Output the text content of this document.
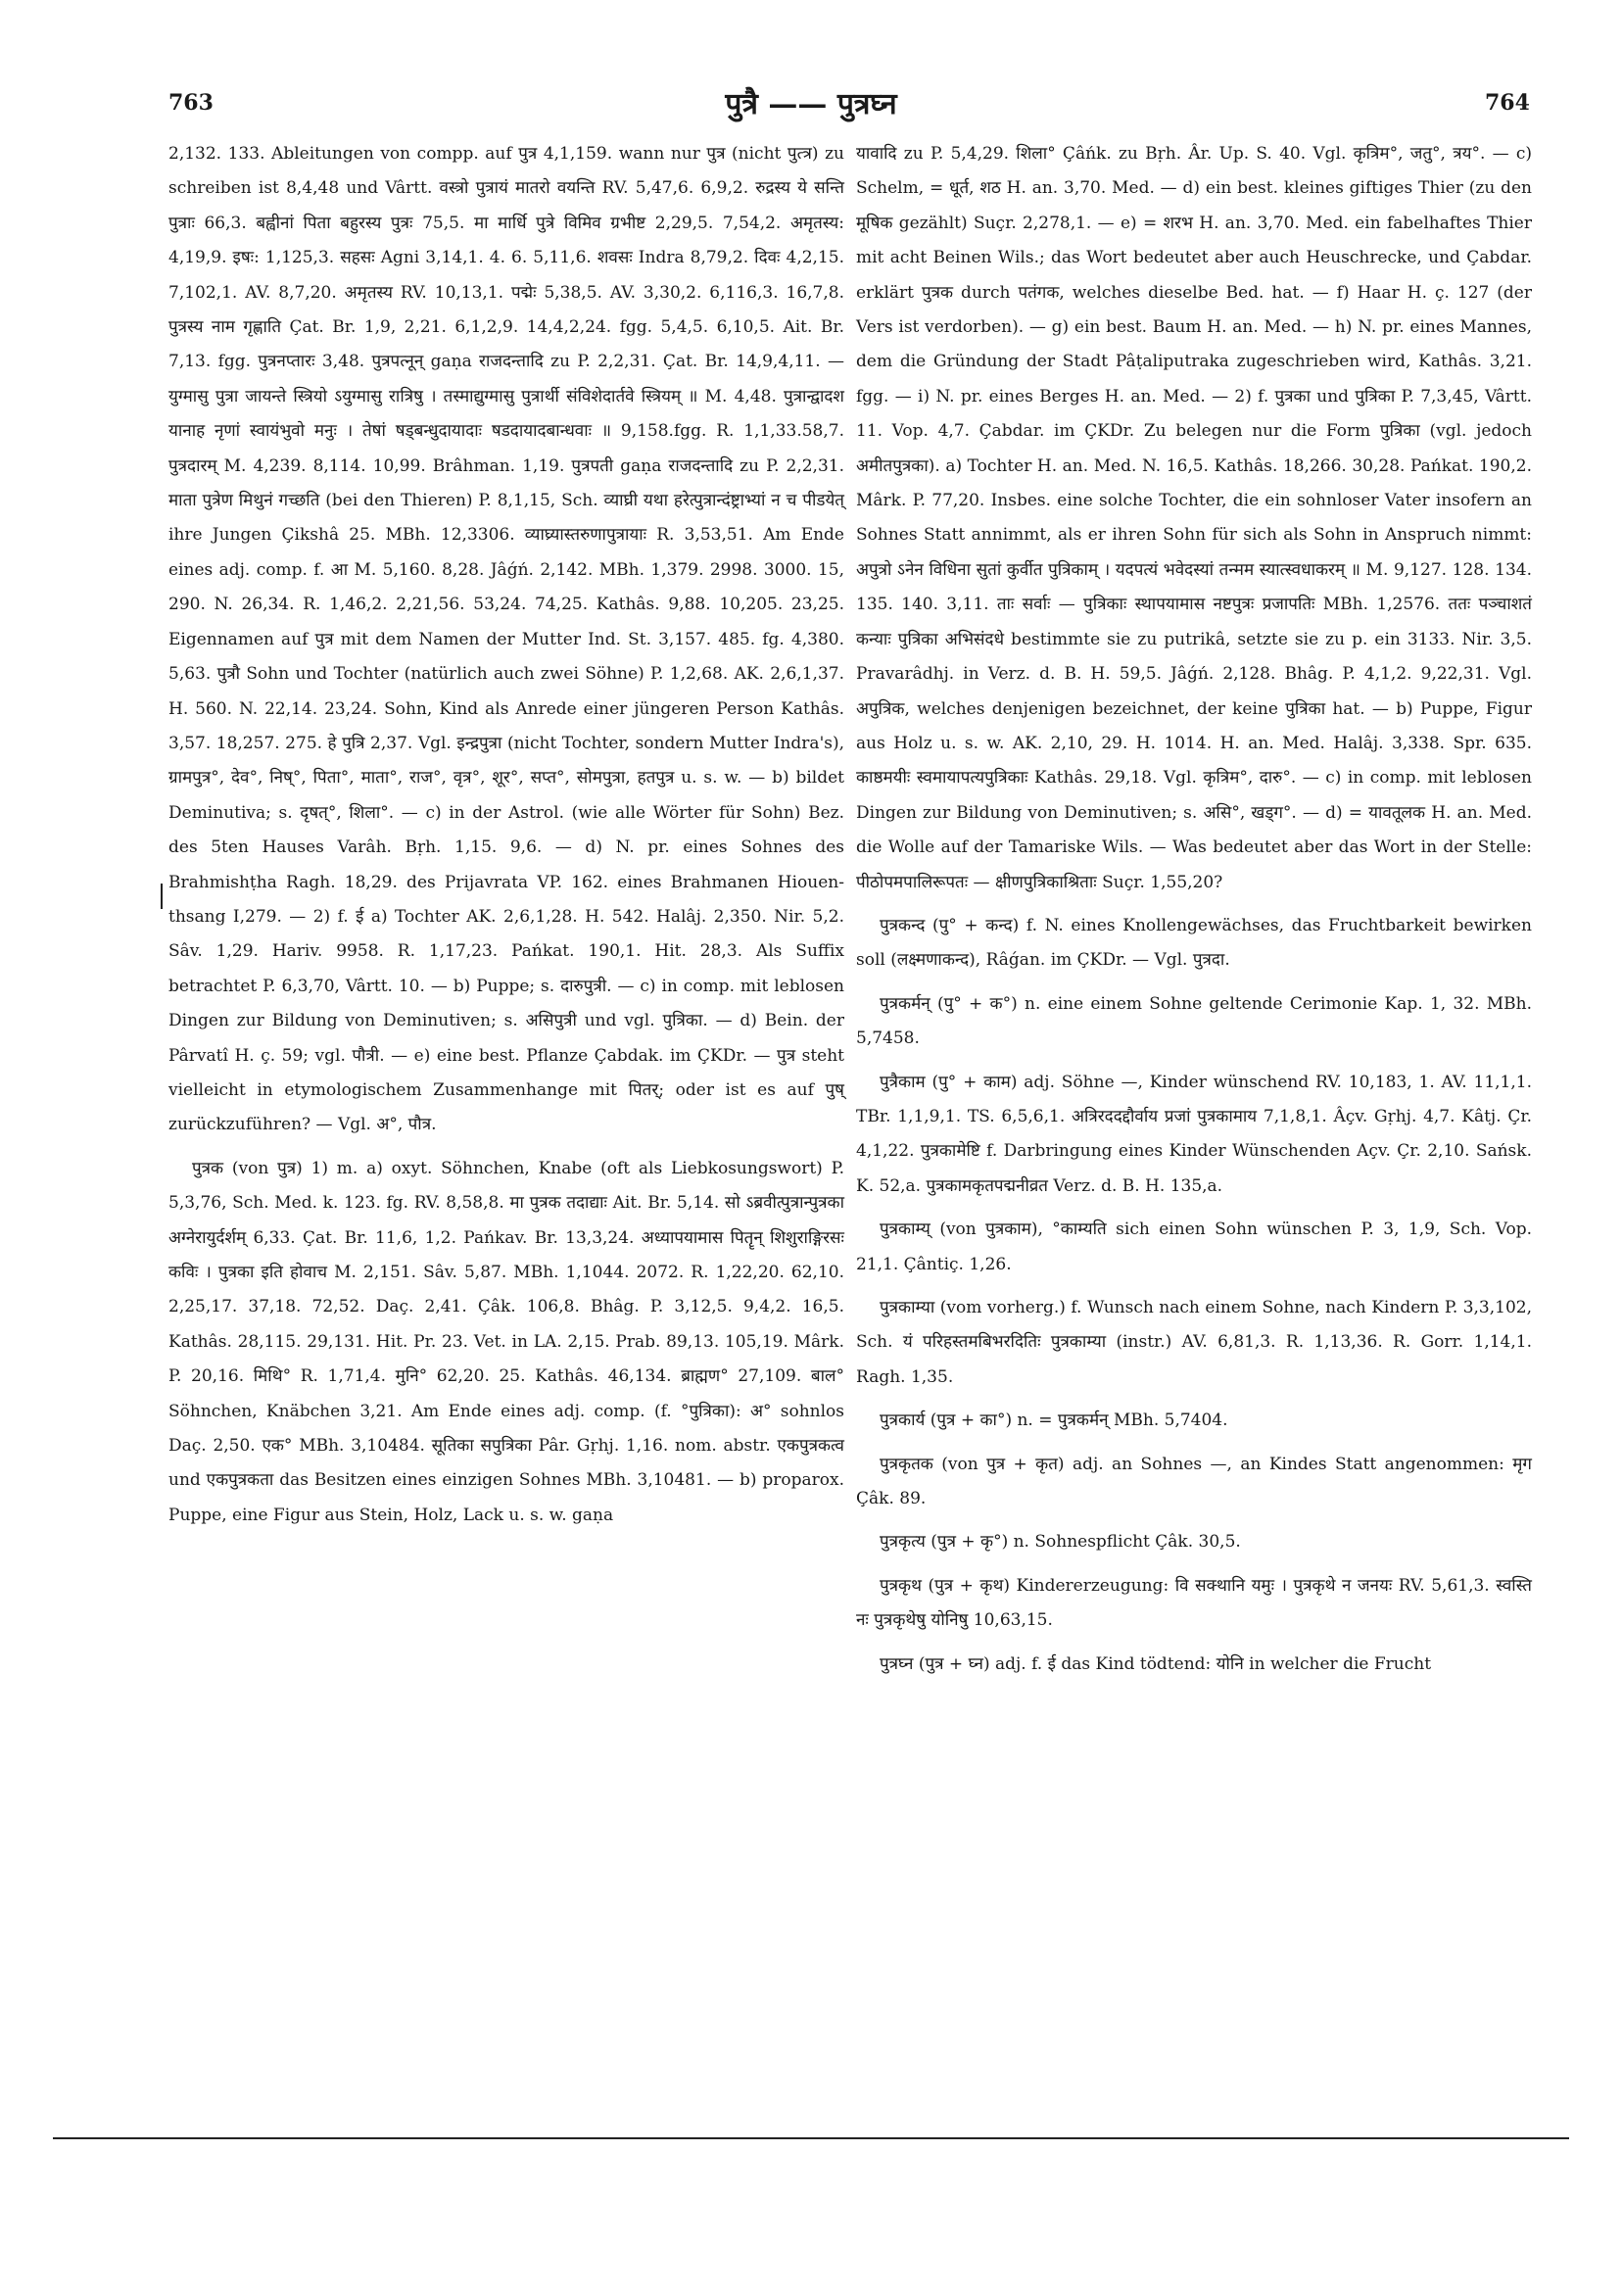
763	पुत्रै —— पुत्रघ्न	764

2,132. 133. Ableitungen von compp. auf पुत्र 4,1,159. wann nur पुत्र (nicht पुत्त्र) zu schreiben ist 8,4,48 und Vârtt. वस्त्रो पुत्रायं मातरो वयन्ति RV. 5,47,6. 6,9,2. रुद्रस्य ये सन्ति पुत्राः 66,3. बह्वीनां पिता बहुरस्य पुत्रः 75,5. मा मार्धि पुत्रे विमिव ग्रभीष्ट 2,29,5. 7,54,2. अमृतस्य: 4,19,9. इषः: 1,125,3. सहसः Agni 3,14,1. 4. 6. 5,11,6. शवसः Indra 8,79,2. दिवः 4,2,15. 7,102,1. AV. 8,7,20. अमृतस्य RV. 10,13,1. पद्मेः 5,38,5. AV. 3,30,2. 6,116,3. 16,7,8. पुत्रस्य नाम गृह्णाति Çat. Br. 1,9, 2,21. 6,1,2,9. 14,4,2,24. fgg. 5,4,5. 6,10,5. Ait. Br. 7,13. fgg. पुत्रनप्तारः 3,48. पुत्रपत्नून् gaṇa राजदन्तादि zu P. 2,2,31. Çat. Br. 14,9,4,11. — युग्मासु पुत्रा जायन्ते स्त्रियो ऽयुग्मासु रात्रिषु । तस्माद्युग्मासु पुत्रार्थी संविशेदार्तवे स्त्रियम् ॥ M. 4,48. पुत्रान्द्वादश यानाह नृणां स्वायंभुवो मनुः । तेषां षड्बन्धुदायादाः षडदायादबान्धवाः ॥ 9,158.fgg. R. 1,1,33.58,7. पुत्रदारम् M. 4,239. 8,114. 10,99. Brâhman. 1,19. पुत्रपती gaṇa राजदन्तादि zu P. 2,2,31. माता पुत्रेण मिथुनं गच्छति (bei den Thieren) P. 8,1,15, Sch. व्याघ्री यथा हरेत्पुत्रान्दंष्ट्राभ्यां न च पीडयेत् ihre Jungen Çikshâ 25. MBh. 12,3306. व्याघ्र्यास्तरुणापुत्रायाः R. 3,53,51. Am Ende eines adj. comp. f. आ M. 5,160. 8,28. Jâǵń. 2,142. MBh. 1,379. 2998. 3000. 15, 290. N. 26,34. R. 1,46,2. 2,21,56. 53,24. 74,25. Kathâs. 9,88. 10,205. 23,25. Eigennamen auf पुत्र mit dem Namen der Mutter Ind. St. 3,157. 485. fg. 4,380. 5,63. पुत्रौ Sohn und Tochter (natürlich auch zwei Söhne) P. 1,2,68. AK. 2,6,1,37. H. 560. N. 22,14. 23,24. Sohn, Kind als Anrede einer jüngeren Person Kathâs. 3,57. 18,257. 275. हे पुत्रि 2,37. Vgl. इन्द्रपुत्रा (nicht Tochter, sondern Mutter Indra's), ग्रामपुत्र°, देव°, निष्°, पिता°, माता°, राज°, वृत्र°, शूर°, सप्त°, सोमपुत्रा, हतपुत्र u. s. w. — b) bildet Deminutiva; s. दृषत्°, शिला°. — c) in der Astrol. (wie alle Wörter für Sohn) Bez. des 5ten Hauses Varâh. Bṛh. 1,15. 9,6. — d) N. pr. eines Sohnes des Brahmishṭha Ragh. 18,29. des Prijavrata VP. 162. eines Brahmanen Hiouen-thsang I,279. — 2) f. ई a) Tochter AK. 2,6,1,28. H. 542. Halâj. 2,350. Nir. 5,2. Sâv. 1,29. Hariv. 9958. R. 1,17,23. Pańkat. 190,1. Hit. 28,3. Als Suffix betrachtet P. 6,3,70, Vârtt. 10. — b) Puppe; s. दारुपुत्री. — c) in comp. mit leblosen Dingen zur Bildung von Deminutiven; s. असिपुत्री und vgl. पुत्रिका. — d) Bein. der Pârvatî H. ç. 59; vgl. पौत्री. — e) eine best. Pflanze Çabdak. im ÇKDr. — पुत्र steht vielleicht in etymologischem Zusammenhange mit पितर्; oder ist es auf पुष् zurückzuführen? — Vgl. अ°, पौत्र.

पुत्रक (von पुत्र) 1) m. a) oxyt. Söhnchen, Knabe (oft als Liebkosungswort) P. 5,3,76, Sch. Med. k. 123. fg. RV. 8,58,8. मा पुत्रक तदाद्याः Ait. Br. 5,14. सो ऽब्रवीत्पुत्रान्पुत्रका अग्नेरायुर्दर्शम् 6,33. Çat. Br. 11,6, 1,2. Pańkav. Br. 13,3,24. अध्यापयामास पितॄन् शिशुराङ्गिरसः कविः । पुत्रका इति होवाच M. 2,151. Sâv. 5,87. MBh. 1,1044. 2072. R. 1,22,20. 62,10. 2,25,17. 37,18. 72,52. Daç. 2,41. Çâk. 106,8. Bhâg. P. 3,12,5. 9,4,2. 16,5. Kathâs. 28,115. 29,131. Hit. Pr. 23. Vet. in LA. 2,15. Prab. 89,13. 105,19. Mârk. P. 20,16. मिथि° R. 1,71,4. मुनि° 62,20. 25. Kathâs. 46,134. ब्राह्मण° 27,109. बाल° Söhnchen, Knäbchen 3,21. Am Ende eines adj. comp. (f. °पुत्रिका): अ° sohnlos Daç. 2,50. एक° MBh. 3,10484. सूतिका सपुत्रिका Pâr. Gṛhj. 1,16. nom. abstr. एकपुत्रकत्व und एकपुत्रकता das Besitzen eines einzigen Sohnes MBh. 3,10481. — b) proparox. Puppe, eine Figur aus Stein, Holz, Lack u. s. w. gaṇa

यावादि zu P. 5,4,29. शिला° Çâńk. zu Bṛh. Âr. Up. S. 40. Vgl. कृत्रिम°, जतु°, त्रय°. — c) Schelm, = धूर्त, शठ H. an. 3,70. Med. — d) ein best. kleines giftiges Thier (zu den मूषिक gezählt) Suçr. 2,278,1. — e) = शरभ H. an. 3,70. Med. ein fabelhaftes Thier mit acht Beinen Wils.; das Wort bedeutet aber auch Heuschrecke, und Çabdar. erklärt पुत्रक durch पतंगक, welches dieselbe Bed. hat. — f) Haar H. ç. 127 (der Vers ist verdorben). — g) ein best. Baum H. an. Med. — h) N. pr. eines Mannes, dem die Gründung der Stadt Pâṭaliputraka zugeschrieben wird, Kathâs. 3,21. fgg. — i) N. pr. eines Berges H. an. Med. — 2) f. पुत्रका und पुत्रिका P. 7,3,45, Vârtt. 11. Vop. 4,7. Çabdar. im ÇKDr. Zu belegen nur die Form पुत्रिका (vgl. jedoch अमीतपुत्रका). a) Tochter H. an. Med. N. 16,5. Kathâs. 18,266. 30,28. Pańkat. 190,2. Mârk. P. 77,20. Insbes. eine solche Tochter, die ein sohnloser Vater insofern an Sohnes Statt annimmt, als er ihren Sohn für sich als Sohn in Anspruch nimmt: अपुत्रो ऽनेन विधिना सुतां कुर्वीत पुत्रिकाम् । यदपत्यं भवेदस्यां तन्मम स्यात्स्वधाकरम् ॥ M. 9,127. 128. 134. 135. 140. 3,11. ताः सर्वाः — पुत्रिकाः स्थापयामास नष्टपुत्रः प्रजापतिः MBh. 1,2576. ततः पञ्चाशतं कन्याः पुत्रिका अभिसंदधे bestimmte sie zu putrikâ, setzte sie zu p. ein 3133. Nir. 3,5. Pravarâdhj. in Verz. d. B. H. 59,5. Jâǵń. 2,128. Bhâg. P. 4,1,2. 9,22,31. Vgl. अपुत्रिक, welches denjenigen bezeichnet, der keine पुत्रिका hat. — b) Puppe, Figur aus Holz u. s. w. AK. 2,10, 29. H. 1014. H. an. Med. Halâj. 3,338. Spr. 635. काष्ठमयीः स्वमायापत्यपुत्रिकाः Kathâs. 29,18. Vgl. कृत्रिम°, दारु°. — c) in comp. mit leblosen Dingen zur Bildung von Deminutiven; s. असि°, खड्ग°. — d) = यावतूलक H. an. Med. die Wolle auf der Tamariske Wils. — Was bedeutet aber das Wort in der Stelle: पीठोपमपालिरूपतः — क्षीणपुत्रिकाश्रिताः Suçr. 1,55,20?

पुत्रकन्द (पु° + कन्द) f. N. eines Knollengewächses, das Fruchtbarkeit bewirken soll (लक्ष्मणाकन्द), Râǵan. im ÇKDr. — Vgl. पुत्रदा.

पुत्रकर्मन् (पु° + क°) n. eine einem Sohne geltende Cerimonie Kap. 1, 32. MBh. 5,7458.

पुत्रैकाम (पु° + काम) adj. Söhne —, Kinder wünschend RV. 10,183, 1. AV. 11,1,1. TBr. 1,1,9,1. TS. 6,5,6,1. अत्रिरददद्दौर्वाय प्रजां पुत्रकामाय 7,1,8,1. Âçv. Gṛhj. 4,7. Kâtj. Çr. 4,1,22. पुत्रकामेष्टि f. Darbringung eines Kinder Wünschenden Açv. Çr. 2,10. Sańsk. K. 52,a. पुत्रकामकृतपद्मनीव्रत Verz. d. B. H. 135,a.

पुत्रकाम्य् (von पुत्रकाम), °काम्यति sich einen Sohn wünschen P. 3, 1,9, Sch. Vop. 21,1. Çântiç. 1,26.

पुत्रकाम्या (vom vorherg.) f. Wunsch nach einem Sohne, nach Kindern P. 3,3,102, Sch. यं परिहस्तमबिभरदितिः पुत्रकाम्या (instr.) AV. 6,81,3. R. 1,13,36. R. Gorr. 1,14,1. Ragh. 1,35.

पुत्रकार्य (पुत्र + का°) n. = पुत्रकर्मन् MBh. 5,7404.

पुत्रकृतक (von पुत्र + कृत) adj. an Sohnes —, an Kindes Statt angenommen: मृग Çâk. 89.

पुत्रकृत्य (पुत्र + कृ°) n. Sohnespflicht Çâk. 30,5.

पुत्रकृथ (पुत्र + कृथ) Kindererzeugung: वि सक्थानि यमुः । पुत्रकृथे न जनयः RV. 5,61,3. स्वस्ति नः पुत्रकृथेषु योनिषु 10,63,15.

पुत्रघ्न (पुत्र + घ्न) adj. f. ई das Kind tödtend: योनि in welcher die Frucht
